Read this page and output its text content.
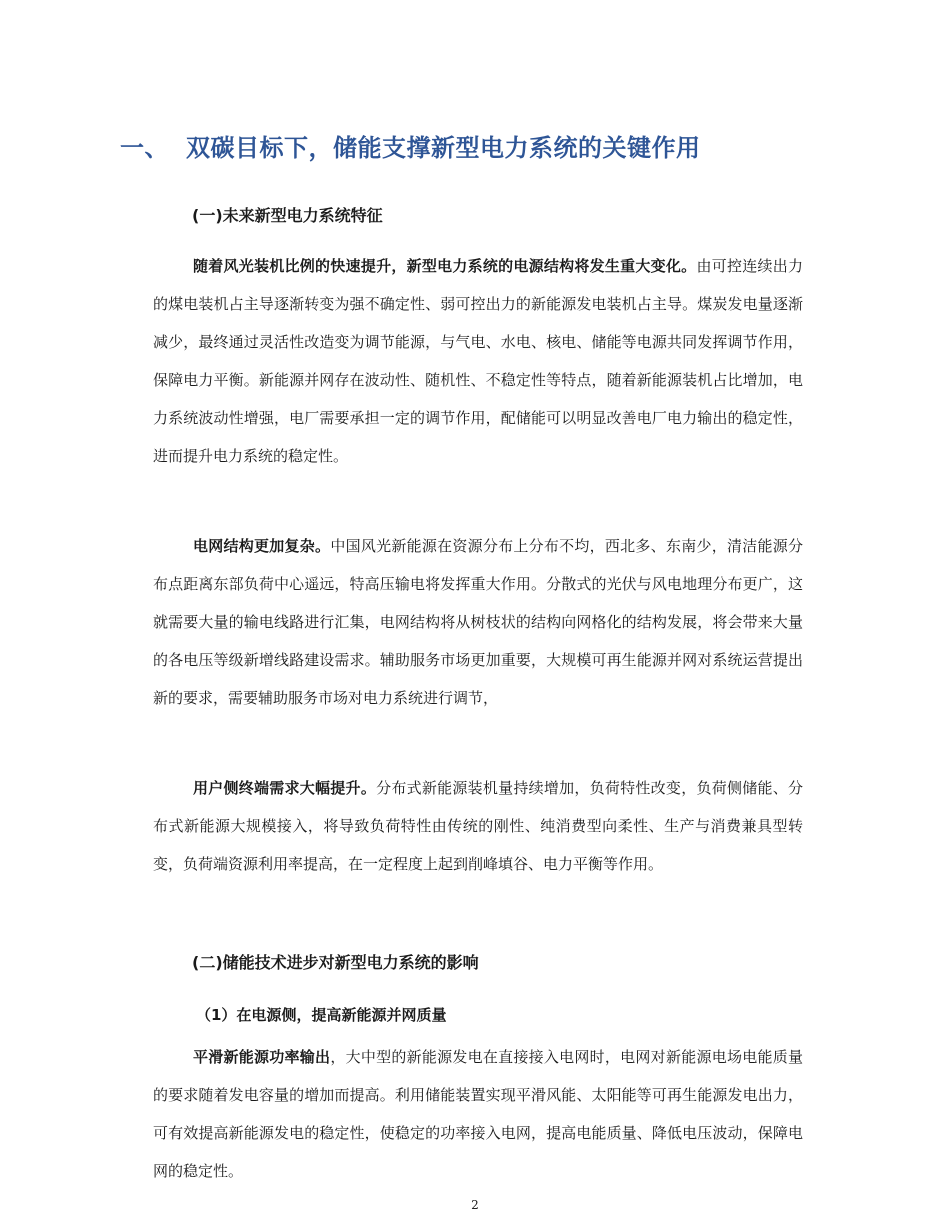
一、 双碳目标下，储能支撑新型电力系统的关键作用
(一)未来新型电力系统特征

随着风光装机比例的快速提升，新型电力系统的电源结构将发生重大变化。由可控连续出力的煤电装机占主导逐渐转变为强不确定性、弱可控出力的新能源发电装机占主导。煤炭发电量逐渐减少，最终通过灵活性改造变为调节能源，与气电、水电、核电、储能等电源共同发挥调节作用，保障电力平衡。新能源并网存在波动性、随机性、不稳定性等特点，随着新能源装机占比增加，电力系统波动性增强，电厂需要承担一定的调节作用，配储能可以明显改善电厂电力输出的稳定性，进而提升电力系统的稳定性。

电网结构更加复杂。中国风光新能源在资源分布上分布不均，西北多、东南少，清洁能源分布点距离东部负荷中心遥远，特高压输电将发挥重大作用。分散式的光伏与风电地理分布更广，这就需要大量的输电线路进行汇集，电网结构将从树枝状的结构向网格化的结构发展，将会带来大量的各电压等级新增线路建设需求。辅助服务市场更加重要，大规模可再生能源并网对系统运营提出新的要求，需要辅助服务市场对电力系统进行调节，

用户侧终端需求大幅提升。分布式新能源装机量持续增加，负荷特性改变，负荷侧储能、分布式新能源大规模接入，将导致负荷特性由传统的刚性、纯消费型向柔性、生产与消费兼具型转变，负荷端资源利用率提高，在一定程度上起到削峰填谷、电力平衡等作用。

(二)储能技术进步对新型电力系统的影响
（1）在电源侧，提高新能源并网质量

平滑新能源功率输出，大中型的新能源发电在直接接入电网时，电网对新能源电场电能质量的要求随着发电容量的增加而提高。利用储能装置实现平滑风能、太阳能等可再生能源发电出力，可有效提高新能源发电的稳定性，使稳定的功率接入电网，提高电能质量、降低电压波动，保障电网的稳定性。

2
